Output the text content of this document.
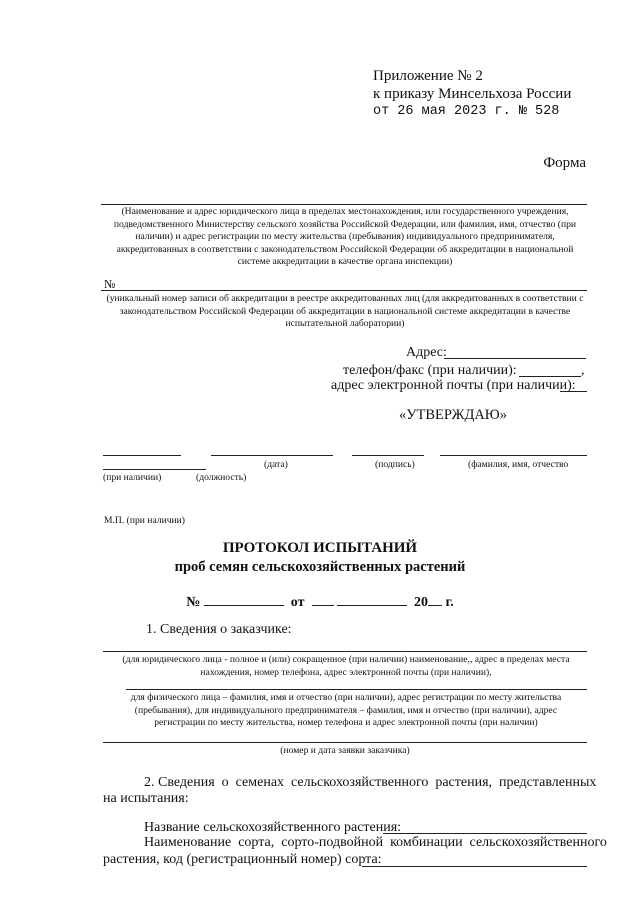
Приложение № 2
к приказу Минсельхоза России
от 26 мая 2023 г. № 528
Форма
(Наименование и адрес юридического лица в пределах местонахождения, или государственного учреждения, подведомственного Министерству сельского хозяйства Российской Федерации, или фамилия, имя, отчество (при наличии) и адрес регистрации по месту жительства (пребывания) индивидуального предпринимателя, аккредитованных в соответствии с законодательством Российской Федерации об аккредитации в национальной системе аккредитации в качестве органа инспекции)
№
(уникальный номер записи об аккредитации в реестре аккредитованных лиц (для аккредитованных в соответствии с законодательством Российской Федерации об аккредитации в национальной системе аккредитации в качестве испытательной лаборатории)
Адрес:
телефон/факс (при наличии):	,
адрес электронной почты (при наличии):
«УТВЕРЖДАЮ»
(дата)	(подпись)	(фамилия, имя, отчество
(при наличии)	(должность)
М.П. (при наличии)
ПРОТОКОЛ ИСПЫТАНИЙ
проб семян сельскохозяйственных растений
№	от	20 г.
1. Сведения о заказчике:
(для юридического лица - полное и (или) сокращенное (при наличии) наименование,, адрес в пределах места нахождения, номер телефона, адрес электронной почты (при наличии),
для физического лица – фамилия, имя и отчество (при наличии), адрес регистрации по месту жительства (пребывания), для индивидуального предпринимателя – фамилия, имя и отчество (при наличии), адрес регистрации по месту жительства, номер телефона и адрес электронной почты (при наличии)
(номер и дата заявки заказчика)
2. Сведения  о  семенах  сельскохозяйственного  растения,  представленных
на испытания:
Название сельскохозяйственного растения:
Наименование  сорта,  сорто-подвойной  комбинации  сельскохозяйственного
растения, код (регистрационный номер) сорта:
